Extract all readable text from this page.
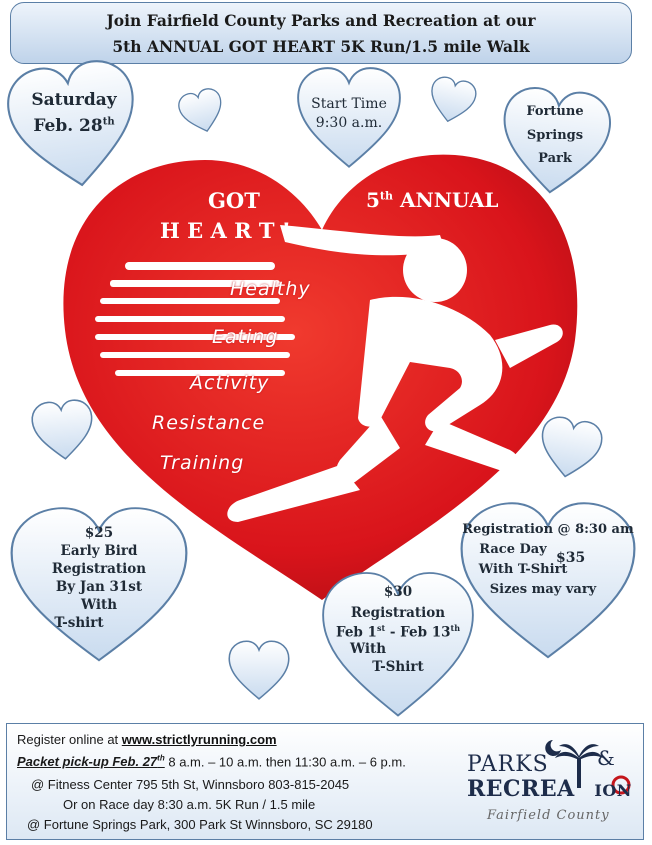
Join Fairfield County Parks and Recreation at our
5th ANNUAL GOT HEART 5K Run/1.5 mile Walk
Saturday
Feb. 28th
Start Time
9:30 a.m.
Fortune
Springs
Park
GOT
H E A R T !
5th ANNUAL
Healthy
Eating
Activity
Resistance
Training
$25
Early Bird
Registration
By Jan 31st
With
T-shirt
$30
Registration
Feb 1st - Feb 13th
With
T-Shirt
Registration @ 8:30 am
Race Day
$35
With T-Shirt
Sizes may vary
Register online at www.strictlyrunning.com
Packet pick-up Feb. 27th 8 a.m. – 10 a.m. then 11:30 a.m. – 6 p.m.
@ Fitness Center 795 5th St, Winnsboro 803-815-2045
Or on Race day 8:30 a.m. 5K Run / 1.5 mile
@ Fortune Springs Park, 300 Park St Winnsboro, SC 29180
PARKS &
RECREA ION
Fairfield County
